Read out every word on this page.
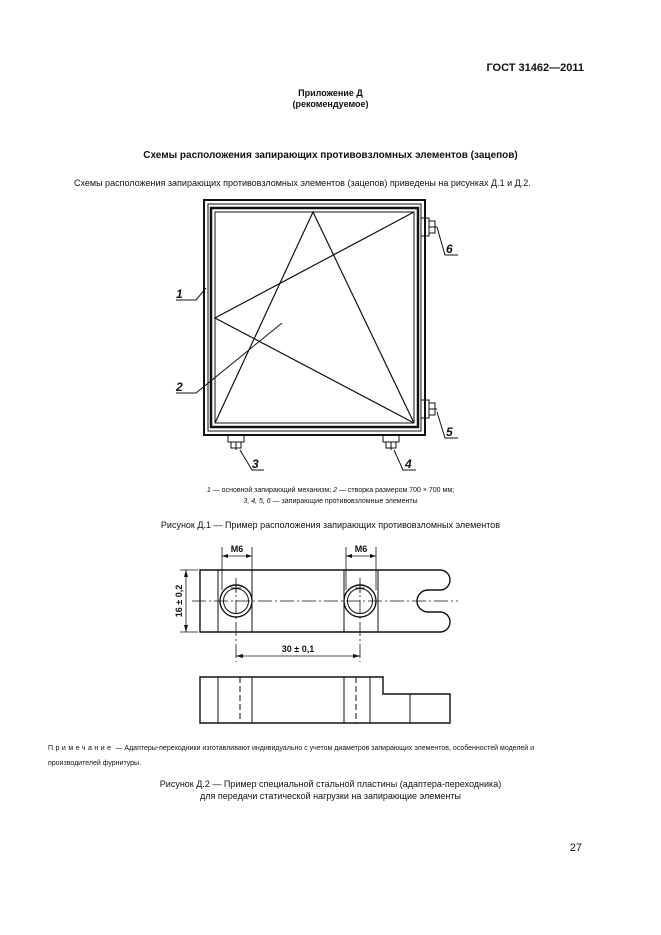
ГОСТ 31462—2011
Приложение Д
(рекомендуемое)
Схемы расположения запирающих противовзломных элементов (зацепов)
Схемы расположения запирающих противовзломных элементов (зацепов) приведены на рисунках Д.1 и Д.2.
1
2
3	4
5
6
1 — основной запирающий механизм; 2 — створка размером 700 × 700 мм;
3, 4, 5, 6 — запирающие противовзломные элементы
Рисунок Д.1 — Пример расположения запирающих противовзломных элементов
М6	М6
30 ± 0,1
16 ± 0,2
Примечание — Адаптеры-переходники изготавливают индивидуально с учетом диаметров запирающих элементов, особенностей моделей и производителей фурнитуры.
Рисунок Д.2 — Пример специальной стальной пластины (адаптера-переходника)
для передачи статической нагрузки на запирающие элементы
27
